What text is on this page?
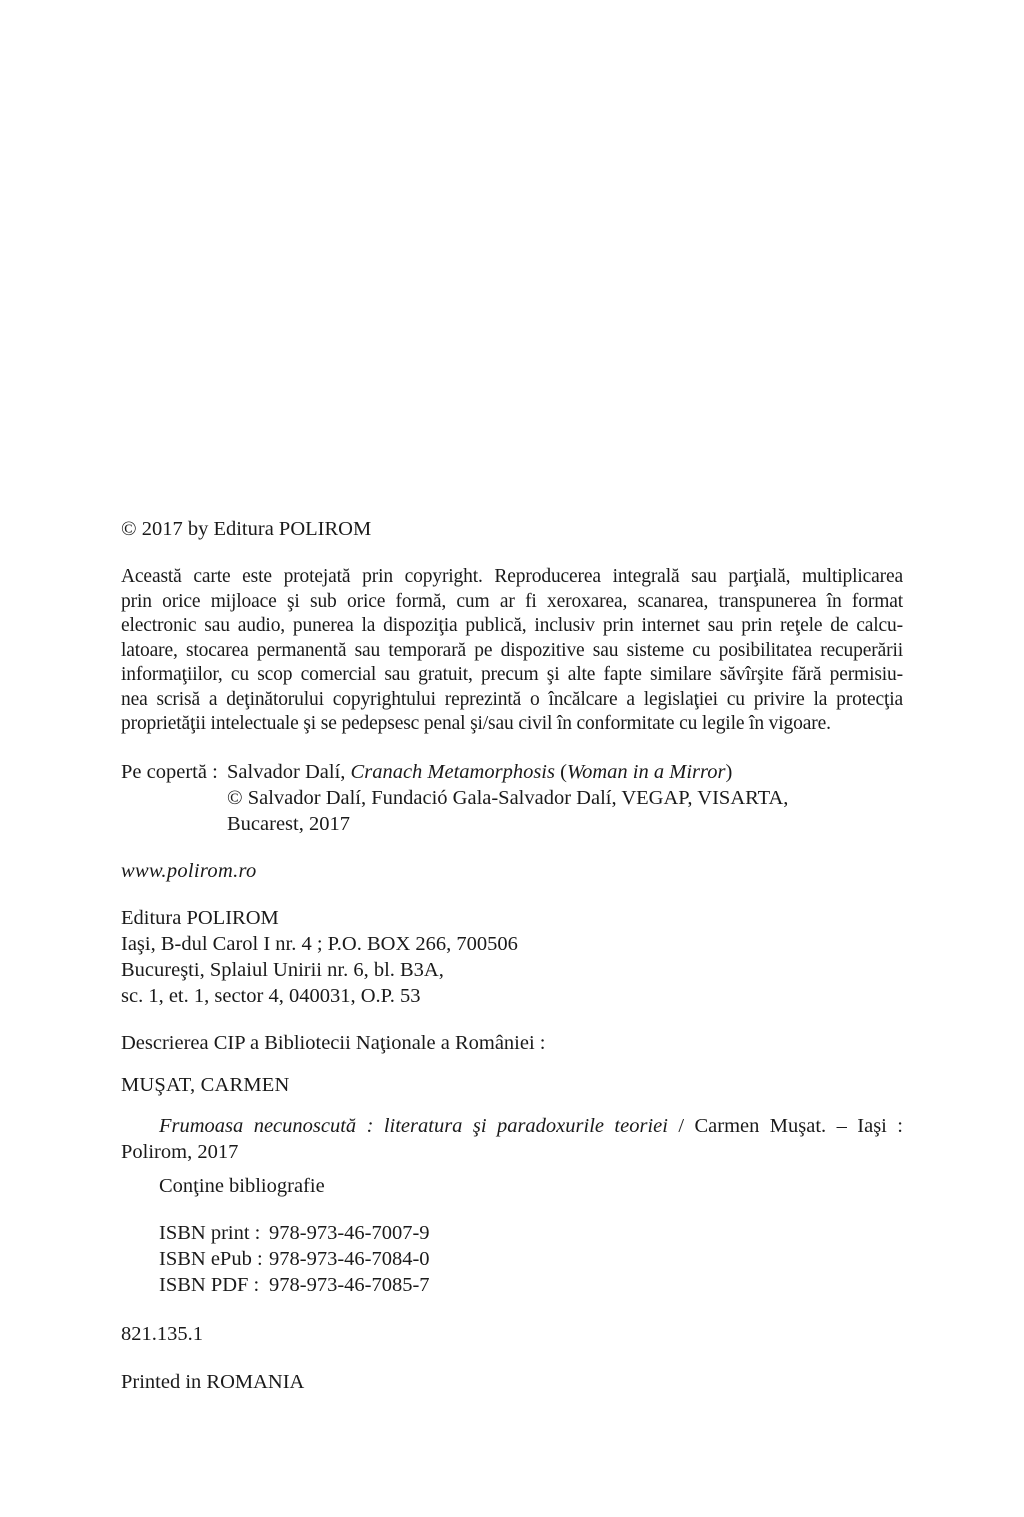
© 2017 by Editura POLIROM

Această carte este protejată prin copyright. Reproducerea integrală sau parţială, multiplicarea
prin orice mijloace şi sub orice formă, cum ar fi xeroxarea, scanarea, transpunerea în format
electronic sau audio, punerea la dispoziţia publică, inclusiv prin internet sau prin reţele de calcu-
latoare, stocarea permanentă sau temporară pe dispozitive sau sisteme cu posibilitatea recuperării
informaţiilor, cu scop comercial sau gratuit, precum şi alte fapte similare săvîrşite fără permisiu-
nea scrisă a deţinătorului copyrightului reprezintă o încălcare a legislaţiei cu privire la protecţia
proprietăţii intelectuale şi se pedepsesc penal şi/sau civil în conformitate cu legile în vigoare.
Pe copertă : Salvador Dalí, Cranach Metamorphosis (Woman in a Mirror)
© Salvador Dalí, Fundació Gala-Salvador Dalí, VEGAP, VISARTA,
Bucarest, 2017

www.polirom.ro

Editura POLIROM
Iaşi, B-dul Carol I nr. 4 ; P.O. BOX 266, 700506
Bucureşti, Splaiul Unirii nr. 6, bl. B3A,
sc. 1, et. 1, sector 4, 040031, O.P. 53

Descrierea CIP a Bibliotecii Naţionale a României :

MUŞAT, CARMEN

Frumoasa necunoscută : literatura şi paradoxurile teoriei / Carmen Muşat. – Iaşi :
Polirom, 2017

Conţine bibliografie

ISBN print : 978-973-46-7007-9
ISBN ePub : 978-973-46-7084-0
ISBN PDF : 978-973-46-7085-7

821.135.1

Printed in ROMANIA
